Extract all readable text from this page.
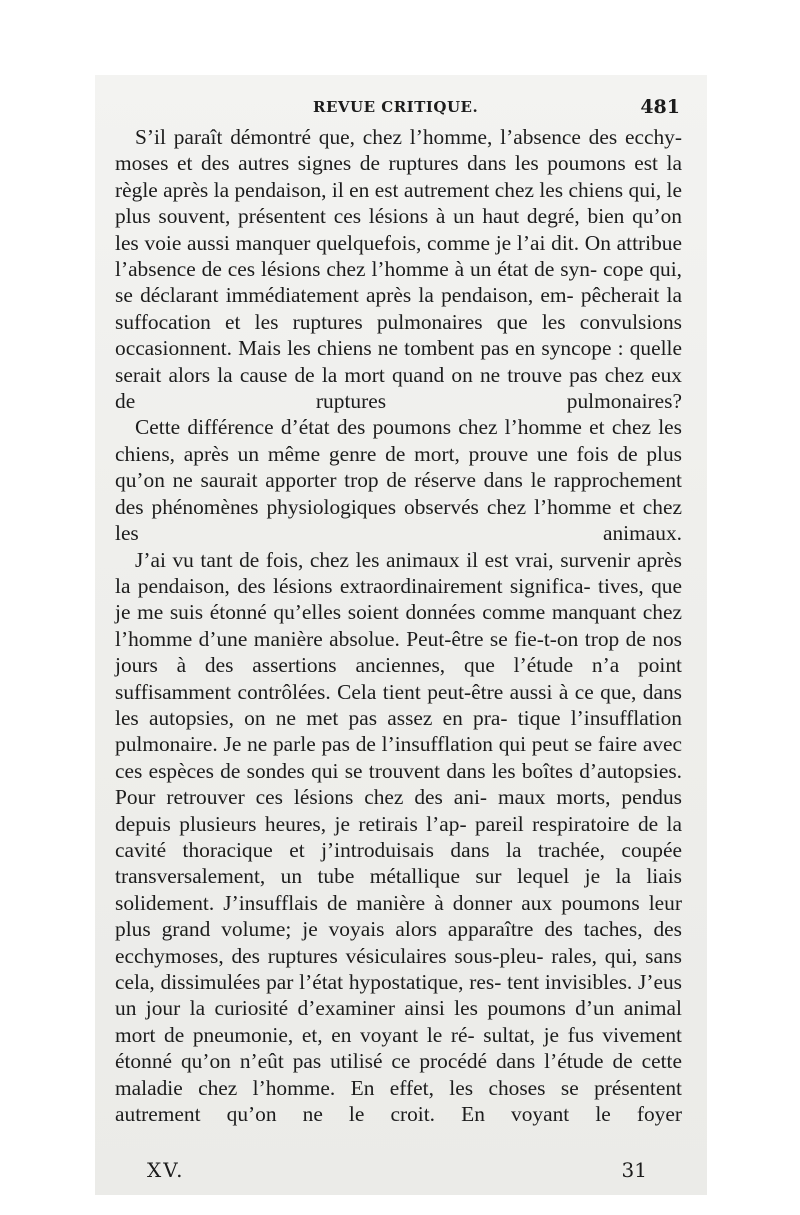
REVUE CRITIQUE.	481

S’il paraît démontré que, chez l’homme, l’absence des ecchy- moses et des autres signes de ruptures dans les poumons est la règle après la pendaison, il en est autrement chez les chiens qui, le plus souvent, présentent ces lésions à un haut degré, bien qu’on les voie aussi manquer quelquefois, comme je l’ai dit. On attribue l’absence de ces lésions chez l’homme à un état de syn- cope qui, se déclarant immédiatement après la pendaison, em- pêcherait la suffocation et les ruptures pulmonaires que les convulsions occasionnent. Mais les chiens ne tombent pas en syncope : quelle serait alors la cause de la mort quand on ne trouve pas chez eux de ruptures pulmonaires?

Cette différence d’état des poumons chez l’homme et chez les chiens, après un même genre de mort, prouve une fois de plus qu’on ne saurait apporter trop de réserve dans le rapprochement des phénomènes physiologiques observés chez l’homme et chez les animaux.

J’ai vu tant de fois, chez les animaux il est vrai, survenir après la pendaison, des lésions extraordinairement significa- tives, que je me suis étonné qu’elles soient données comme manquant chez l’homme d’une manière absolue. Peut-être se fie-t-on trop de nos jours à des assertions anciennes, que l’étude n’a point suffisamment contrôlées. Cela tient peut-être aussi à ce que, dans les autopsies, on ne met pas assez en pra- tique l’insufflation pulmonaire. Je ne parle pas de l’insufflation qui peut se faire avec ces espèces de sondes qui se trouvent dans les boîtes d’autopsies. Pour retrouver ces lésions chez des ani- maux morts, pendus depuis plusieurs heures, je retirais l’ap- pareil respiratoire de la cavité thoracique et j’introduisais dans la trachée, coupée transversalement, un tube métallique sur lequel je la liais solidement. J’insufflais de manière à donner aux poumons leur plus grand volume; je voyais alors apparaître des taches, des ecchymoses, des ruptures vésiculaires sous-pleu- rales, qui, sans cela, dissimulées par l’état hypostatique, res- tent invisibles. J’eus un jour la curiosité d’examiner ainsi les poumons d’un animal mort de pneumonie, et, en voyant le ré- sultat, je fus vivement étonné qu’on n’eût pas utilisé ce procédé dans l’étude de cette maladie chez l’homme. En effet, les choses se présentent autrement qu’on ne le croit. En voyant le foyer

XV.	31
